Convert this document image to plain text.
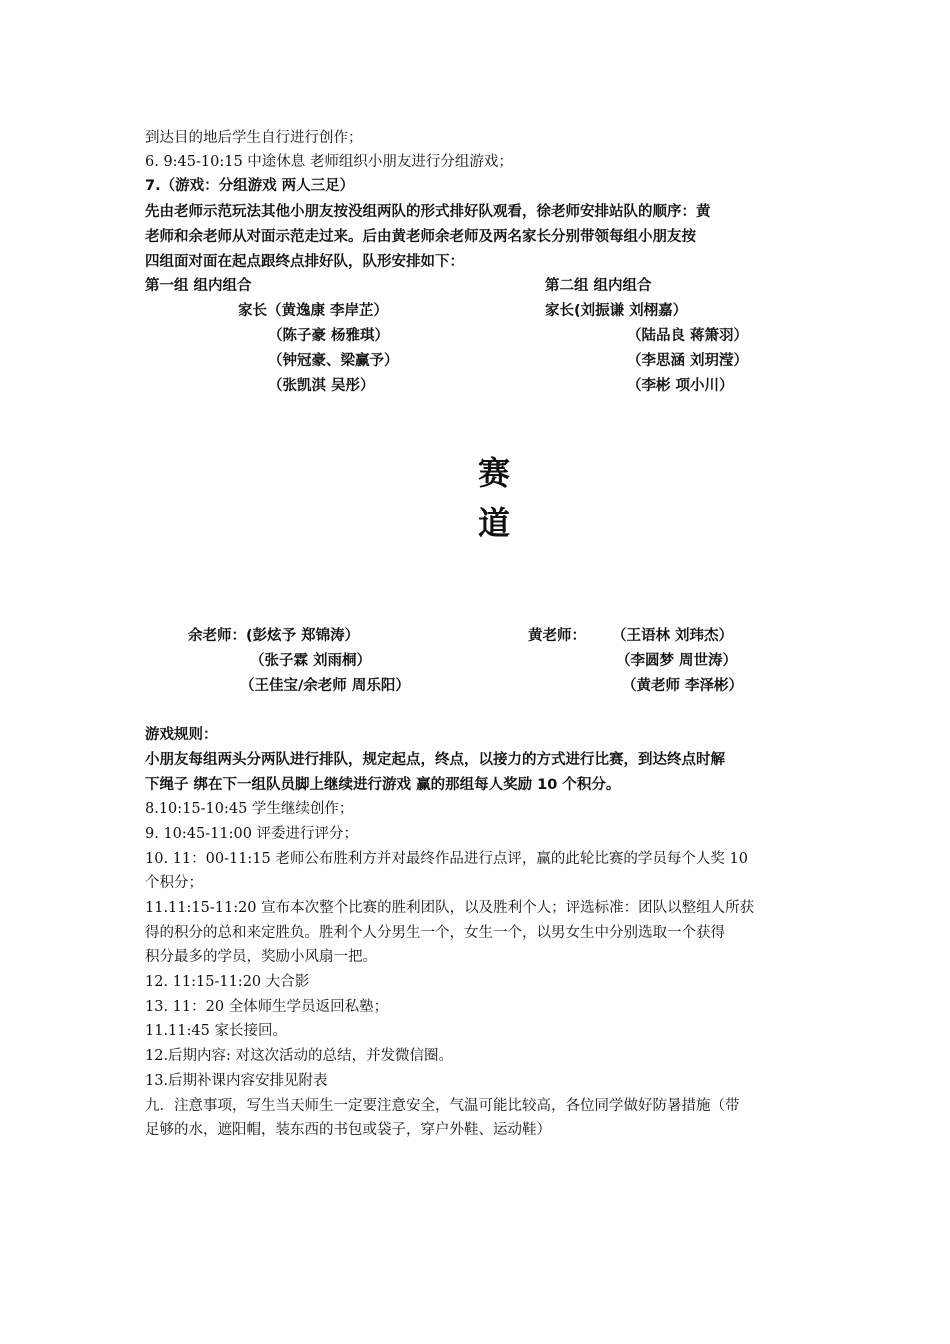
到达目的地后学生自行进行创作；
6. 9:45-10:15 中途休息 老师组织小朋友进行分组游戏；
7.（游戏：分组游戏 两人三足）
先由老师示范玩法其他小朋友按没组两队的形式排好队观看，徐老师安排站队的顺序：黄
老师和余老师从对面示范走过来。后由黄老师余老师及两名家长分别带领每组小朋友按
四组面对面在起点跟终点排好队，队形安排如下：
第一组 组内组合
家长（黄逸康 李岸芷）
（陈子豪 杨雅琪）
（钟冠豪、梁赢予）
（张凯淇 吴彤）
第二组 组内组合
家长(刘振谦 刘栩嘉）
（陆品良 蒋箫羽）
（李思涵 刘玥滢）
（李彬 项小川）
赛
道
余老师：(彭炫予 郑锦涛）
（张子霖 刘雨桐）
（王佳宝/余老师 周乐阳）
黄老师： （王语林 刘玮杰）
（李圆梦 周世涛）
（黄老师 李泽彬）
游戏规则：
小朋友每组两头分两队进行排队，规定起点，终点，以接力的方式进行比赛，到达终点时解
下绳子 绑在下一组队员脚上继续进行游戏 赢的那组每人奖励 10 个积分。
8.10:15-10:45 学生继续创作；
9. 10:45-11:00 评委进行评分；
10. 11：00-11:15 老师公布胜利方并对最终作品进行点评，赢的此轮比赛的学员每个人奖 10
个积分；
11.11:15-11:20 宣布本次整个比赛的胜利团队，以及胜利个人；评选标准：团队以整组人所获
得的积分的总和来定胜负。胜利个人分男生一个，女生一个，以男女生中分别选取一个获得
积分最多的学员，奖励小风扇一把。
12. 11:15-11:20 大合影
13. 11：20 全体师生学员返回私塾；
11.11:45 家长接回。
12.后期内容: 对这次活动的总结，并发微信圈。
13.后期补课内容安排见附表
九．注意事项，写生当天师生一定要注意安全，气温可能比较高，各位同学做好防暑措施（带
足够的水，遮阳帽，装东西的书包或袋子，穿户外鞋、运动鞋）
